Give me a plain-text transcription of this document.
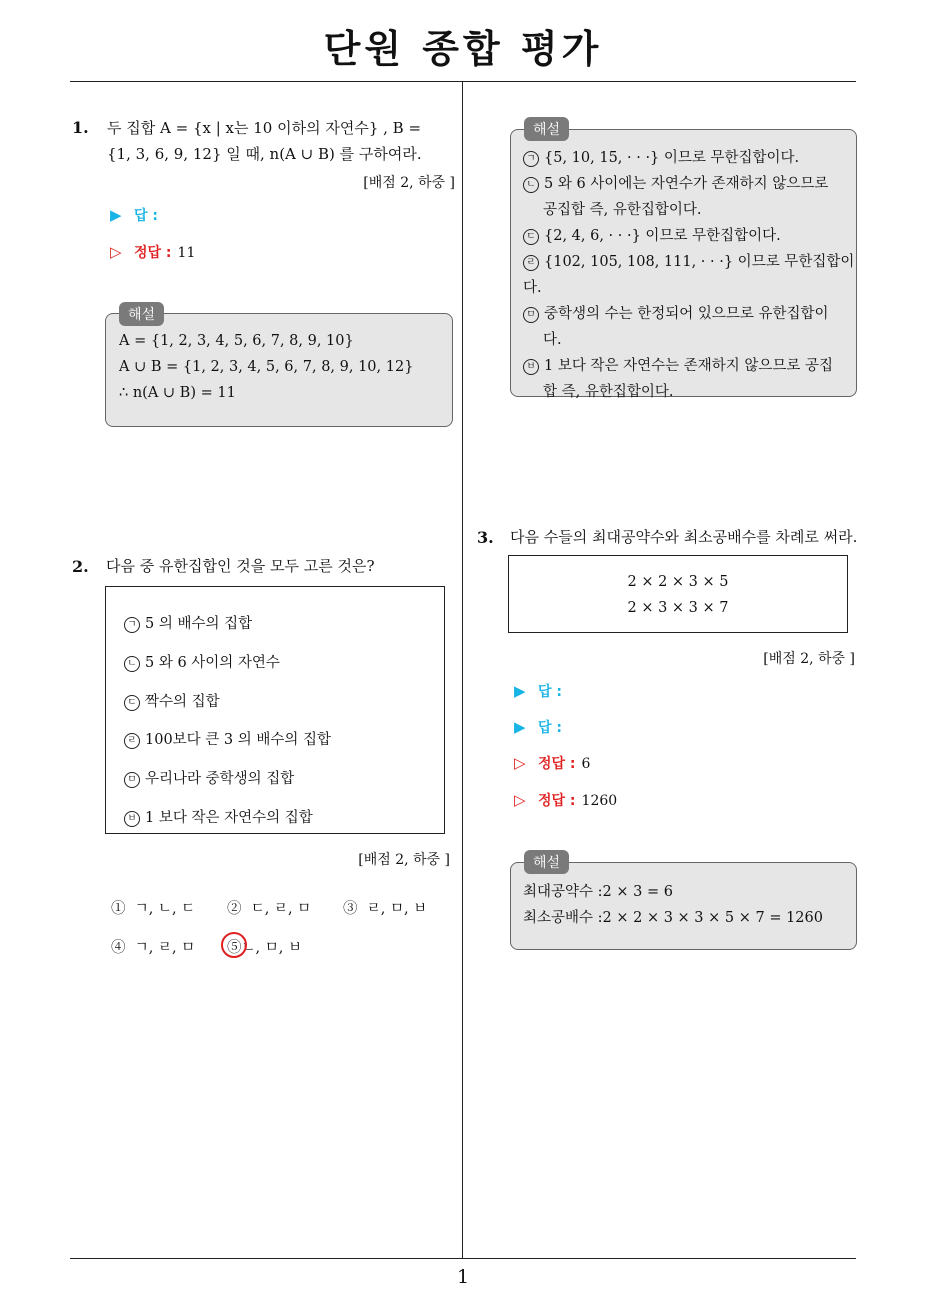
단원 종합 평가
1. 두 집합 A = {x | x는 10 이하의 자연수} , B =
{1, 3, 6, 9, 12} 일 때, n(A ∪ B) 를 구하여라.
[배점 2, 하중 ]
▶ 답 :
▷ 정답 : 11
A = {1, 2, 3, 4, 5, 6, 7, 8, 9, 10}
A ∪ B = {1, 2, 3, 4, 5, 6, 7, 8, 9, 10, 12}
∴ n(A ∪ B) = 11
해설
2. 다음 중 유한집합인 것을 모두 고른 것은?
ㄱ 5 의 배수의 집합
ㄴ 5 와 6 사이의 자연수
ㄷ 짝수의 집합
ㄹ 100보다 큰 3 의 배수의 집합
ㅁ 우리나라 중학생의 집합
ㅂ 1 보다 작은 자연수의 집합
[배점 2, 하중 ]
① ㄱ, ㄴ, ㄷ ② ㄷ, ㄹ, ㅁ ③ ㄹ, ㅁ, ㅂ
④ ㄱ, ㄹ, ㅁ ⑤ㄴ, ㅁ, ㅂ
ㄱ {5, 10, 15, · · ·} 이므로 무한집합이다.
ㄴ 5 와 6 사이에는 자연수가 존재하지 않으므로
공집합 즉, 유한집합이다.
ㄷ {2, 4, 6, · · ·} 이므로 무한집합이다.
ㄹ {102, 105, 108, 111, · · ·} 이므로 무한집합이다.
ㅁ 중학생의 수는 한정되어 있으므로 유한집합이
다.
ㅂ 1 보다 작은 자연수는 존재하지 않으므로 공집
합 즉, 유한집합이다.
해설
3. 다음 수들의 최대공약수와 최소공배수를 차례로 써라.
2 × 2 × 3 × 5
2 × 3 × 3 × 7
[배점 2, 하중 ]
▶ 답 :
▶ 답 :
▷ 정답 : 6
▷ 정답 : 1260
최대공약수 :2 × 3 = 6
최소공배수 :2 × 2 × 3 × 3 × 5 × 7 = 1260
해설
1
